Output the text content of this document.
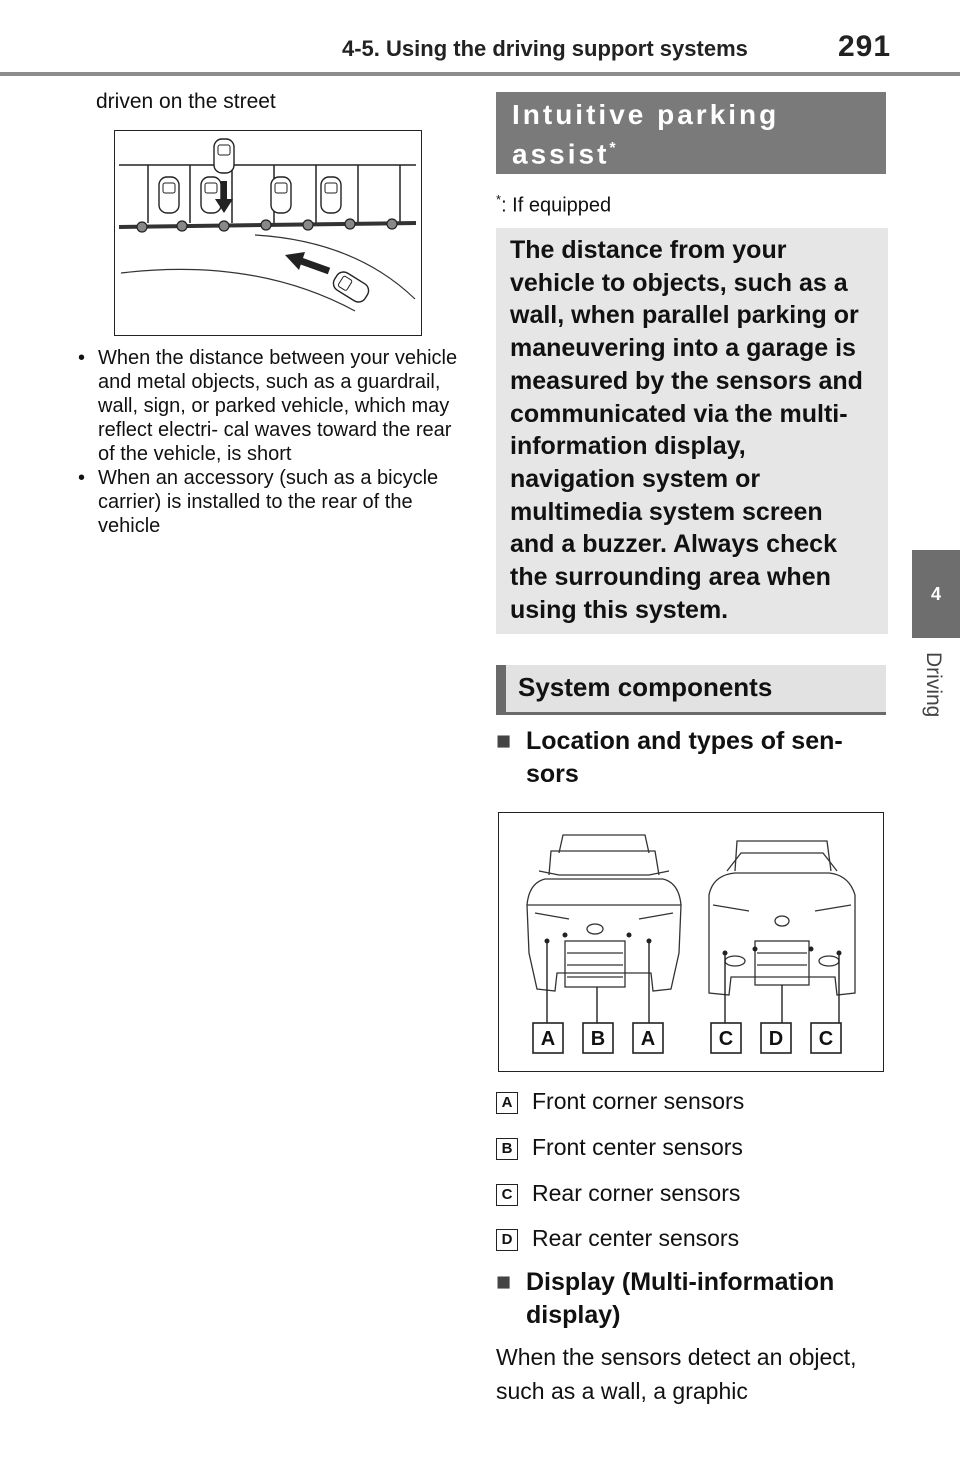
4-5. Using the driving support systems	291
4
Driving
driven on the street
• When the distance between your vehicle and metal objects, such as a guardrail, wall, sign, or parked vehicle, which may reflect electri- cal waves toward the rear of the vehicle, is short
• When an accessory (such as a bicycle carrier) is installed to the rear of the vehicle
Intuitive parking assist*
*: If equipped
The distance from your vehicle to objects, such as a wall, when parallel parking or maneuvering into a garage is measured by the sensors and communicated via the multi-information display, navigation system or multimedia system screen and a buzzer. Always check the surrounding area when using this system.
System components
■ Location and types of sen- sors
A B A	C D C
A Front corner sensors
B Front center sensors
C Rear corner sensors
D Rear center sensors
■ Display (Multi-information display)
When the sensors detect an object, such as a wall, a graphic
